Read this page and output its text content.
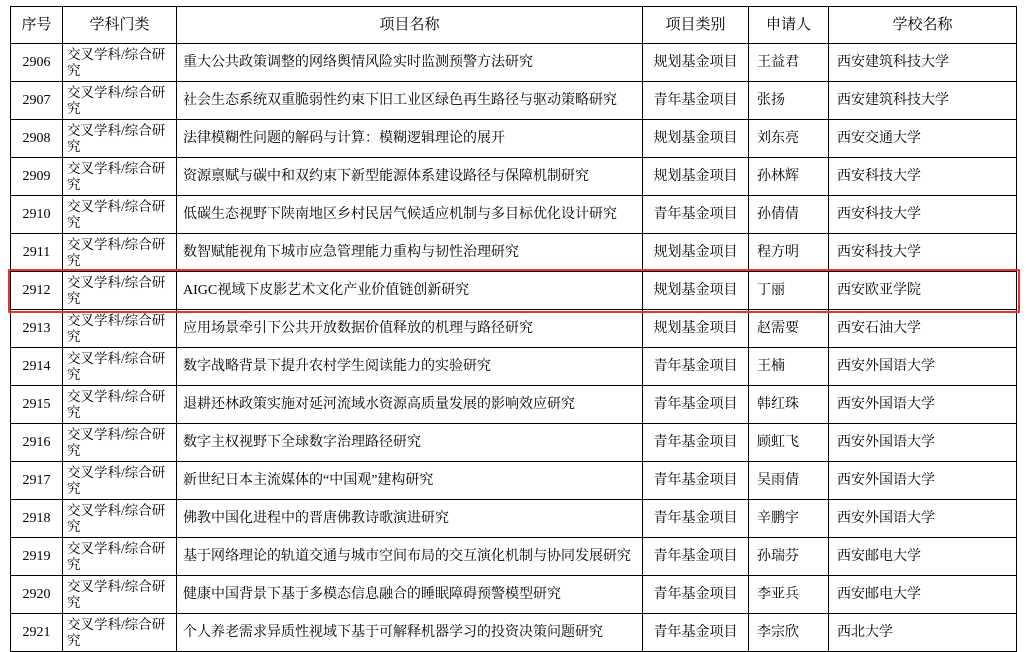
序号	学科门类	项目名称	项目类别	申请人	学校名称
2906	交叉学科/综合研究	重大公共政策调整的网络舆情风险实时监测预警方法研究	规划基金项目	王益君	西安建筑科技大学
2907	交叉学科/综合研究	社会生态系统双重脆弱性约束下旧工业区绿色再生路径与驱动策略研究	青年基金项目	张扬	西安建筑科技大学
2908	交叉学科/综合研究	法律模糊性问题的解码与计算：模糊逻辑理论的展开	规划基金项目	刘东亮	西安交通大学
2909	交叉学科/综合研究	资源禀赋与碳中和双约束下新型能源体系建设路径与保障机制研究	规划基金项目	孙林辉	西安科技大学
2910	交叉学科/综合研究	低碳生态视野下陕南地区乡村民居气候适应机制与多目标优化设计研究	青年基金项目	孙倩倩	西安科技大学
2911	交叉学科/综合研究	数智赋能视角下城市应急管理能力重构与韧性治理研究	规划基金项目	程方明	西安科技大学
2912	交叉学科/综合研究	AIGC视域下皮影艺术文化产业价值链创新研究	规划基金项目	丁丽	西安欧亚学院
2913	交叉学科/综合研究	应用场景牵引下公共开放数据价值释放的机理与路径研究	规划基金项目	赵需要	西安石油大学
2914	交叉学科/综合研究	数字战略背景下提升农村学生阅读能力的实验研究	青年基金项目	王楠	西安外国语大学
2915	交叉学科/综合研究	退耕还林政策实施对延河流域水资源高质量发展的影响效应研究	青年基金项目	韩红珠	西安外国语大学
2916	交叉学科/综合研究	数字主权视野下全球数字治理路径研究	青年基金项目	顾虹飞	西安外国语大学
2917	交叉学科/综合研究	新世纪日本主流媒体的“中国观”建构研究	青年基金项目	吴雨倩	西安外国语大学
2918	交叉学科/综合研究	佛教中国化进程中的晋唐佛教诗歌演进研究	青年基金项目	辛鹏宇	西安外国语大学
2919	交叉学科/综合研究	基于网络理论的轨道交通与城市空间布局的交互演化机制与协同发展研究	青年基金项目	孙瑞芬	西安邮电大学
2920	交叉学科/综合研究	健康中国背景下基于多模态信息融合的睡眠障碍预警模型研究	青年基金项目	李亚兵	西安邮电大学
2921	交叉学科/综合研究	个人养老需求异质性视域下基于可解释机器学习的投资决策问题研究	青年基金项目	李宗欣	西北大学
